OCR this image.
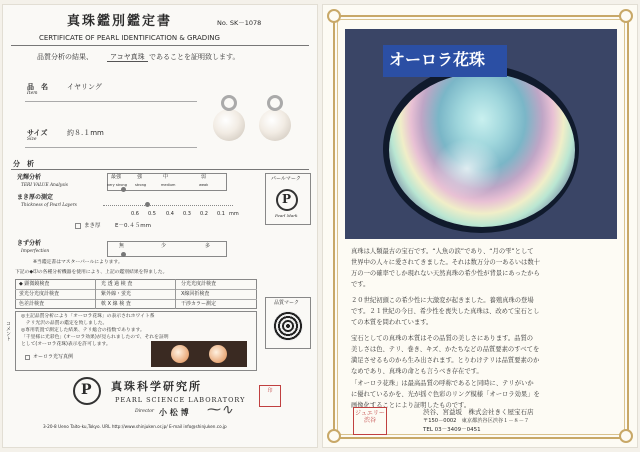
真珠鑑別鑑定書	No. SK－1078
CERTIFICATE OF PEARL IDENTIFICATION & GRADING
品質分析の結果、	アコヤ真珠 であることを証明致します。
品　名
Item
イヤリング
サイズ
Size
約８.１mm
分　析
光輝分析
TERI VALUE Analysis
最強	強	中	弱
very strong strong	medium	weak
まき厚の測定
Thickness of Pearl Layers
0.6 0.5 0.4 0.3 0.2 0.1 mm
まき厚	E－0.４５mm
きず分析
Imperfection
無	少	多
※当鑑定書はマスターパールによります。
パールマーク
P
Pearl Mark
下記の◆印の各種分析機器を使用により、上記の鑑別結果を得ました。
◆ 顕微鏡検査	光 透 過 検 査	分光光度計検査
蛍光分光度計検査	紫外線・蛍光	X線回折検査
色差計検査	軟 X 線 検 査	干渉カラー測定	品質マーク
コメント
◎主記品質分析により「オーロラ花珠」の表示されホワイト系
　テリ光沢の品質の鑑定を致しました。
◎専用装置で測定した結果、テリ総合の指数であります。
「千里様に光彩色」(オーロラ効果)が見られましたので、それを証明
として(オーロラ花珠)表示を許可します。
オーロラ光写真例
P 真珠科学研究所
PEARL SCIENCE LABORATORY
Director 小 松 博 ⁓∿
印
3-20-8 Ueno Taito-ku,Tokyo. URL http://www.shinjuken.or.jp/ E-mail info@shinjuken.co.jp
オーロラ花珠
真珠は人類最古の宝石です。“人魚の涙”であり、“月の雫”として
世界中の人々に愛されてきました。それは数万分の一あるいは数十
万の一の確率でしか現れない天然真珠の希少性が背景にあったから
です。
２０世紀初頭この希少性に大激変が起きました。養殖真珠の登場
です。２１世紀の今日、希少性を喪失した真珠は、改めて宝石とし
ての本質を問われています。
宝石としての真珠の本質はその品質の美しさにあります。品質の
美しさは色、テリ、巻き、キズ、かたちなどの品質要素のすべてを
満足させるものから生み出されます。とりわけテリは品質要素のか
なめであり、真珠の命とも言うべき存在です。
「オーロラ花珠」は最高品質の呼称であると同時に、テリがいか
に優れているかを、光が揺ぐ色彩のリング模様「オーロラ効果」を
画像化することにより証明したものです。
渋谷、宮益坂　株式会社きく屋宝石店
〒150－0002　東京都渋谷区渋谷１－８－７
TEL 03－3409－0451
ジュエリー渋谷
